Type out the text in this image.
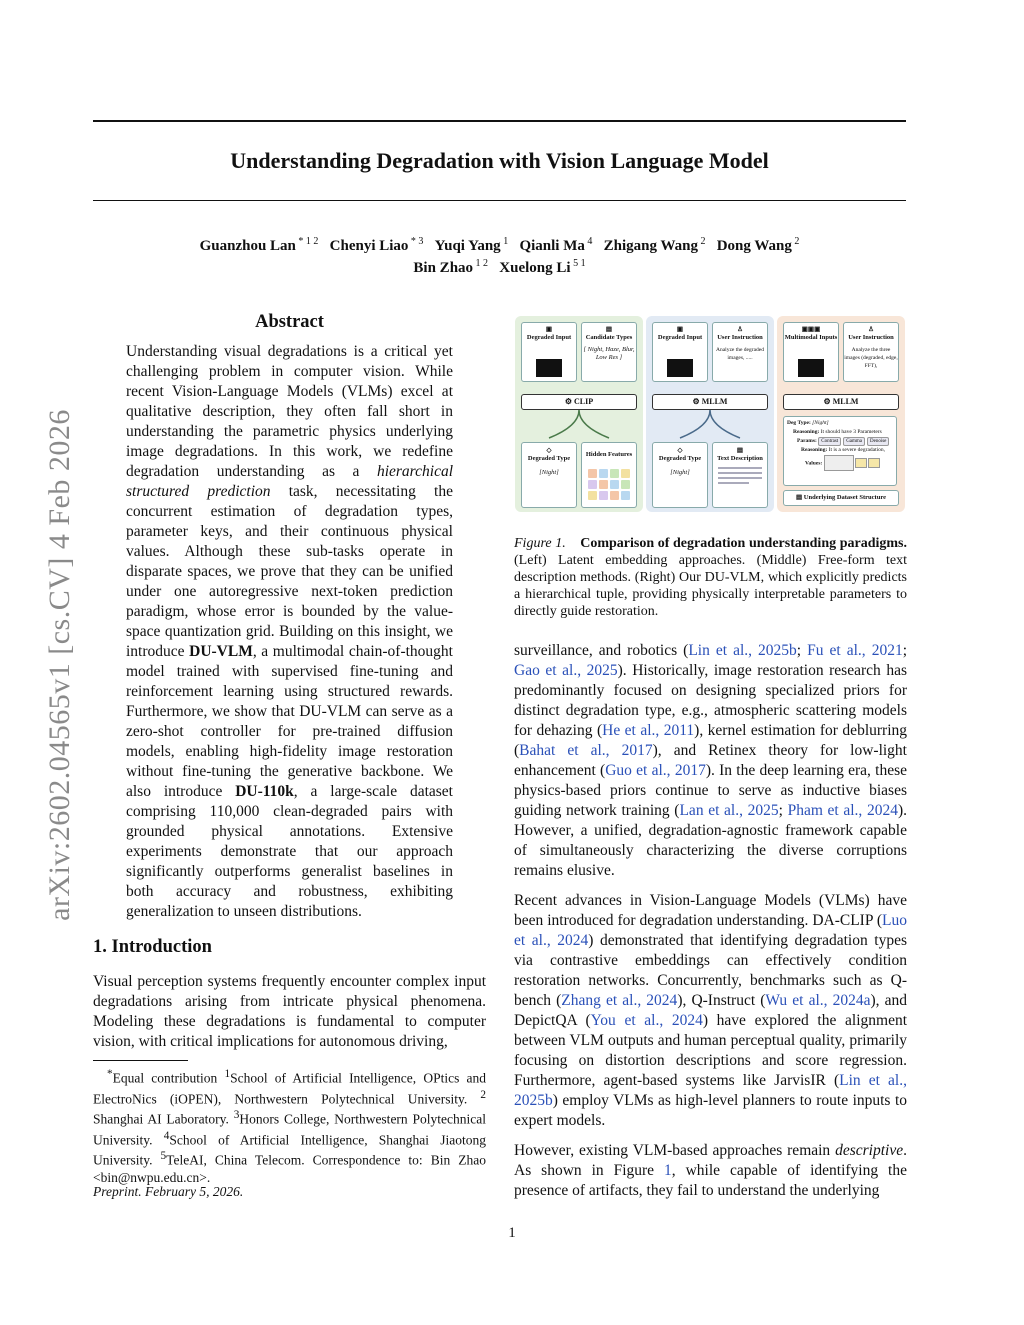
arXiv:2602.04565v1 [cs.CV] 4 Feb 2026
Understanding Degradation with Vision Language Model
Guanzhou Lan $^{* 1 2}$ Chenyi Liao $^{* 3}$ Yuqi Yang $^1$ Qianli Ma $^4$ Zhigang Wang $^2$ Dong Wang $^2$
Bin Zhao $^{1 2}$ Xuelong Li $^{5 1}$
Abstract

Understanding visual degradations is a critical yet challenging problem in computer vision. While recent Vision-Language Models (VLMs) excel at qualitative description, they often fall short in understanding the parametric physics underlying image degradations. In this work, we redefine degradation understanding as a hierarchical structured prediction task, necessitating the concurrent estimation of degradation types, parameter keys, and their continuous physical values. Although these sub-tasks operate in disparate spaces, we prove that they can be unified under one autoregressive next-token prediction paradigm, whose error is bounded by the value-space quantization grid. Building on this insight, we introduce DU-VLM, a multimodal chain-of-thought model trained with supervised fine-tuning and reinforcement learning using structured rewards. Furthermore, we show that DU-VLM can serve as a zero-shot controller for pre-trained diffusion models, enabling high-fidelity image restoration without fine-tuning the generative backbone. We also introduce DU-110k, a large-scale dataset comprising 110,000 clean-degraded pairs with grounded physical annotations. Extensive experiments demonstrate that our approach significantly outperforms generalist baselines in both accuracy and robustness, exhibiting generalization to unseen distributions.

1. Introduction

Visual perception systems frequently encounter complex input degradations arising from intricate physical phenomena. Modeling these degradations is fundamental to computer vision, with critical implications for autonomous driving,

*Equal contribution $^1$School of Artificial Intelligence, OPtics and ElectroNics (iOPEN), Northwestern Polytechnical University. $^2$ Shanghai AI Laboratory. $^3$Honors College, Northwestern Polytechnical University. $^4$School of Artificial Intelligence, Shanghai Jiaotong University. $^5$TeleAI, China Telecom. Correspondence to: Bin Zhao <bin@nwpu.edu.cn>.

Preprint. February 5, 2026.
▣
Degraded Input
▤
Candidate Types
[ Night, Haze, Blur, Low Res ]
⚙ CLIP
◇
Degraded Type
[Night]
Hidden Features
▣
Degraded Input
♙
User Instruction
Analyze the degraded images, .....
⚙ MLLM
◇
Degraded Type
[Night]
▤
Text Description
▣▣▣
Multimodal Inputs
♙
User Instruction
Analyze the three images (degraded, edge, FFT),
⚙ MLLM
Deg Type: [Night]
Reasoning: It should have 3 Parameters
Params: Contrast Gamma Denoise
Reasoning: It is a severe degradation,
Values:
▤ Underlying Dataset Structure
Figure 1. Comparison of degradation understanding paradigms. (Left) Latent embedding approaches. (Middle) Free-form text description methods. (Right) Our DU-VLM, which explicitly predicts a hierarchical tuple, providing physically interpretable parameters to directly guide restoration.

surveillance, and robotics (Lin et al., 2025b; Fu et al., 2021; Gao et al., 2025). Historically, image restoration research has predominantly focused on designing specialized priors for distinct degradation type, e.g., atmospheric scattering models for dehazing (He et al., 2011), kernel estimation for deblurring (Bahat et al., 2017), and Retinex theory for low-light enhancement (Guo et al., 2017). In the deep learning era, these physics-based priors continue to serve as inductive biases guiding network training (Lan et al., 2025; Pham et al., 2024). However, a unified, degradation-agnostic framework capable of simultaneously characterizing the diverse corruptions remains elusive.

Recent advances in Vision-Language Models (VLMs) have been introduced for degradation understanding. DA-CLIP (Luo et al., 2024) demonstrated that identifying degradation types via contrastive embeddings can effectively condition restoration networks. Concurrently, benchmarks such as Q-bench (Zhang et al., 2024), Q-Instruct (Wu et al., 2024a), and DepictQA (You et al., 2024) have explored the alignment between VLM outputs and human perceptual quality, primarily focusing on distortion descriptions and score regression. Furthermore, agent-based systems like JarvisIR (Lin et al., 2025b) employ VLMs as high-level planners to route inputs to expert models.

However, existing VLM-based approaches remain descriptive. As shown in Figure 1, while capable of identifying the presence of artifacts, they fail to understand the underlying

1
